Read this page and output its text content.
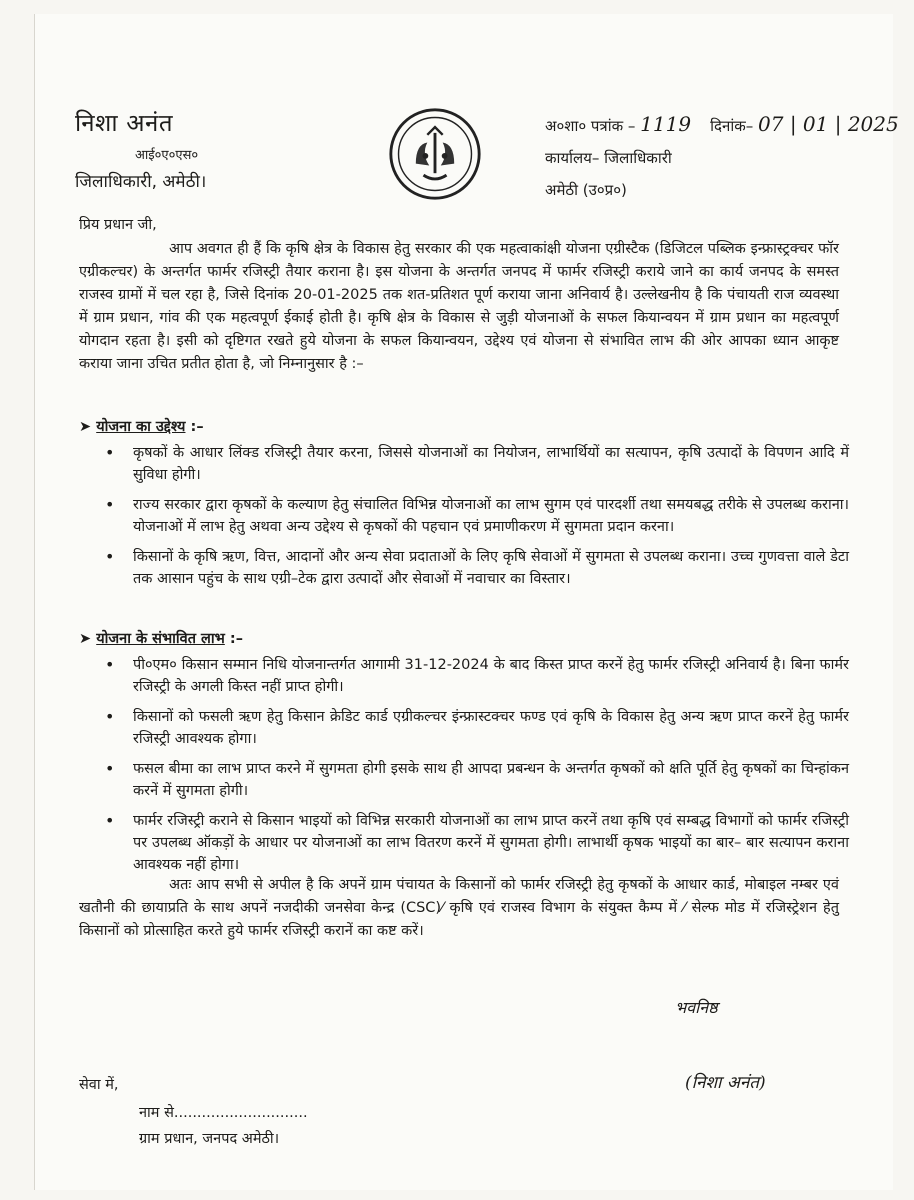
निशा अनंत
आई०ए०एस०
जिलाधिकारी, अमेठी।
अ०शा० पत्रांक – 1119 दिनांक– 07 | 01 | 2025
कार्यालय– जिलाधिकारी
अमेठी (उ०प्र०)
प्रिय प्रधान जी,
आप अवगत ही हैं कि कृषि क्षेत्र के विकास हेतु सरकार की एक महत्वाकांक्षी योजना एग्रीस्टैक (डिजिटल पब्लिक इन्फ्रास्ट्रक्चर फॉर एग्रीकल्चर) के अन्तर्गत फार्मर रजिस्ट्री तैयार कराना है। इस योजना के अन्तर्गत जनपद में फार्मर रजिस्ट्री कराये जाने का कार्य जनपद के समस्त राजस्व ग्रामों में चल रहा है, जिसे दिनांक 20-01-2025 तक शत-प्रतिशत पूर्ण कराया जाना अनिवार्य है। उल्लेखनीय है कि पंचायती राज व्यवस्था में ग्राम प्रधान, गांव की एक महत्वपूर्ण ईकाई होती है। कृषि क्षेत्र के विकास से जुड़ी योजनाओं के सफल कियान्वयन में ग्राम प्रधान का महत्वपूर्ण योगदान रहता है। इसी को दृष्टिगत रखते हुये योजना के सफल कियान्वयन, उद्देश्य एवं योजना से संभावित लाभ की ओर आपका ध्यान आकृष्ट कराया जाना उचित प्रतीत होता है, जो निम्नानुसार है :–
➤ योजना का उद्देश्य :–
• कृषकों के आधार लिंक्ड रजिस्ट्री तैयार करना, जिससे योजनाओं का नियोजन, लाभार्थियों का सत्यापन, कृषि उत्पादों के विपणन आदि में सुविधा होगी।
• राज्य सरकार द्वारा कृषकों के कल्याण हेतु संचालित विभिन्न योजनाओं का लाभ सुगम एवं पारदर्शी तथा समयबद्ध तरीके से उपलब्ध कराना। योजनाओं में लाभ हेतु अथवा अन्य उद्देश्य से कृषकों की पहचान एवं प्रमाणीकरण में सुगमता प्रदान करना।
• किसानों के कृषि ऋण, वित्त, आदानों और अन्य सेवा प्रदाताओं के लिए कृषि सेवाओं में सुगमता से उपलब्ध कराना। उच्च गुणवत्ता वाले डेटा तक आसान पहुंच के साथ एग्री–टेक द्वारा उत्पादों और सेवाओं में नवाचार का विस्तार।
➤ योजना के संभावित लाभ :–
• पी०एम० किसान सम्मान निधि योजनान्तर्गत आगामी 31-12-2024 के बाद किस्त प्राप्त करनें हेतु फार्मर रजिस्ट्री अनिवार्य है। बिना फार्मर रजिस्ट्री के अगली किस्त नहीं प्राप्त होगी।
• किसानों को फसली ऋण हेतु किसान क्रेडिट कार्ड एग्रीकल्चर इंन्फ्रास्टक्चर फण्ड एवं कृषि के विकास हेतु अन्य ऋण प्राप्त करनें हेतु फार्मर रजिस्ट्री आवश्यक होगा।
• फसल बीमा का लाभ प्राप्त करने में सुगमता होगी इसके साथ ही आपदा प्रबन्धन के अन्तर्गत कृषकों को क्षति पूर्ति हेतु कृषकों का चिन्हांकन करनें में सुगमता होगी।
• फार्मर रजिस्ट्री कराने से किसान भाइयों को विभिन्न सरकारी योजनाओं का लाभ प्राप्त करनें तथा कृषि एवं सम्बद्ध विभागों को फार्मर रजिस्ट्री पर उपलब्ध ऑकड़ों के आधार पर योजनाओं का लाभ वितरण करनें में सुगमता होगी। लाभार्थी कृषक भाइयों का बार– बार सत्यापन कराना आवश्यक नहीं होगा।
अतः आप सभी से अपील है कि अपनें ग्राम पंचायत के किसानों को फार्मर रजिस्ट्री हेतु कृषकों के आधार कार्ड, मोबाइल नम्बर एवं खतौनी की छायाप्रति के साथ अपनें नजदीकी जनसेवा केन्द्र (CSC)⁄ कृषि एवं राजस्व विभाग के संयुक्त कैम्प में ⁄ सेल्फ मोड में रजिस्ट्रेशन हेतु किसानों को प्रोत्साहित करते हुये फार्मर रजिस्ट्री करानें का कष्ट करें।
भवनिष्ठ
(निशा अनंत)
सेवा में,
नाम से.............................
ग्राम प्रधान, जनपद अमेठी।
